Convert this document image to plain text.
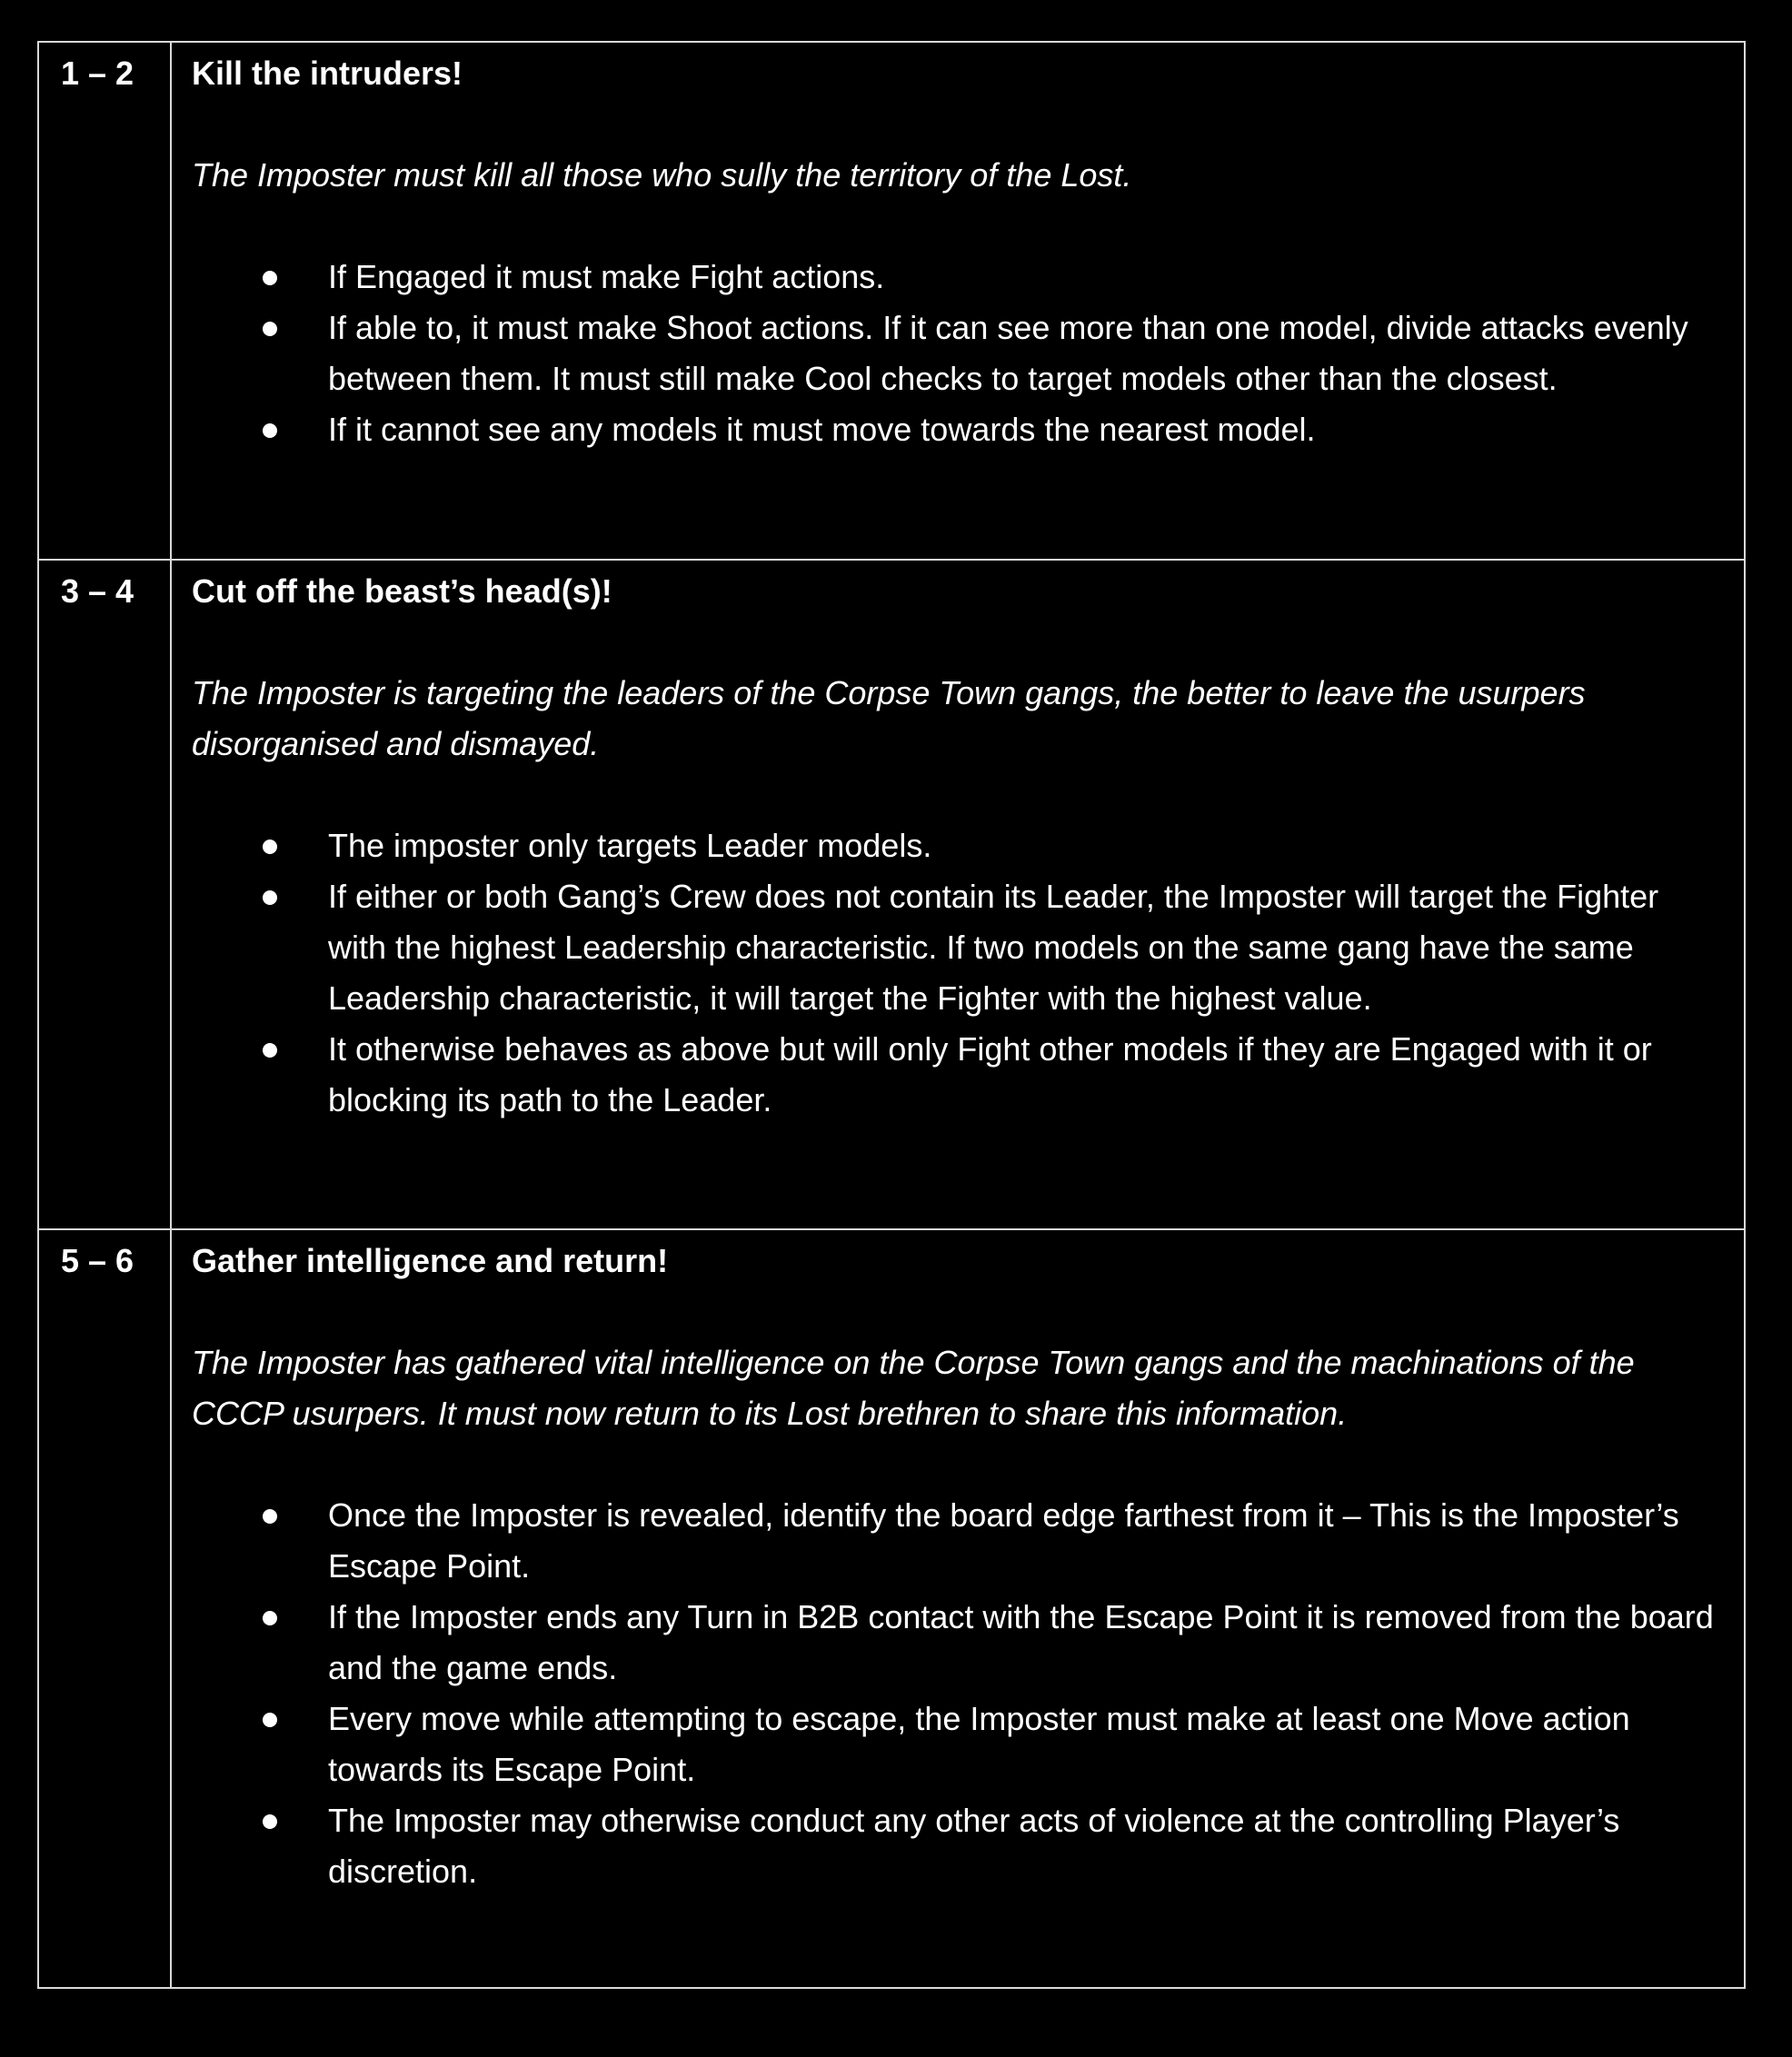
1 – 2	Kill the intruders!

The Imposter must kill all those who sully the territory of the Lost.

If Engaged it must make Fight actions.
If able to, it must make Shoot actions. If it can see more than one model, divide attacks evenly between them. It must still make Cool checks to target models other than the closest.
If it cannot see any models it must move towards the nearest model.
3 – 4	Cut off the beast’s head(s)!

The Imposter is targeting the leaders of the Corpse Town gangs, the better to leave the usurpers disorganised and dismayed.

The imposter only targets Leader models.
If either or both Gang’s Crew does not contain its Leader, the Imposter will target the Fighter with the highest Leadership characteristic. If two models on the same gang have the same Leadership characteristic, it will target the Fighter with the highest value.
It otherwise behaves as above but will only Fight other models if they are Engaged with it or blocking its path to the Leader.
5 – 6	Gather intelligence and return!

The Imposter has gathered vital intelligence on the Corpse Town gangs and the machinations of the CCCP usurpers. It must now return to its Lost brethren to share this information.

Once the Imposter is revealed, identify the board edge farthest from it – This is the Imposter’s Escape Point.
If the Imposter ends any Turn in B2B contact with the Escape Point it is removed from the board and the game ends.
Every move while attempting to escape, the Imposter must make at least one Move action towards its Escape Point.
The Imposter may otherwise conduct any other acts of violence at the controlling Player’s discretion.
